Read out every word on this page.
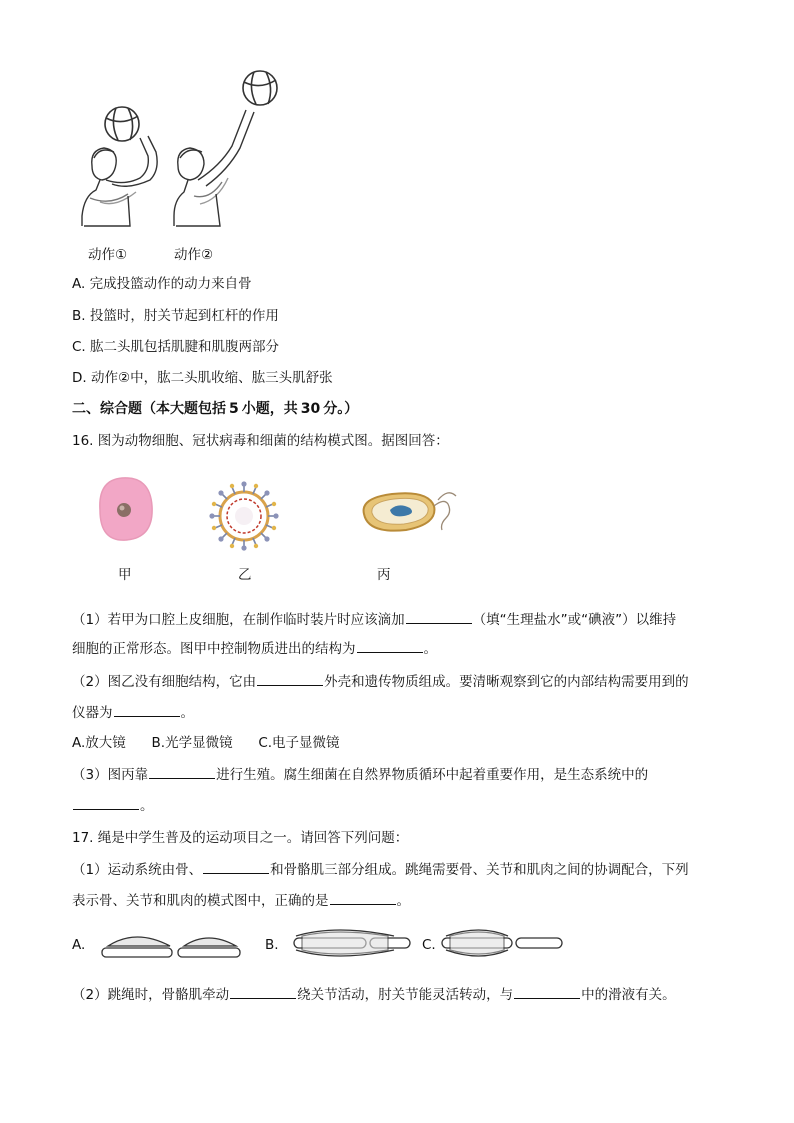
动作①	动作②
A. 完成投篮动作的动力来自骨
B. 投篮时，肘关节起到杠杆的作用
C. 肱二头肌包括肌腱和肌腹两部分
D. 动作②中，肱二头肌收缩、肱三头肌舒张
二、综合题（本大题包括 5 小题，共 30 分。）
16. 图为动物细胞、冠状病毒和细菌的结构模式图。据图回答：
甲	乙	丙
（1）若甲为口腔上皮细胞，在制作临时装片时应该滴加	（填“生理盐水”或“碘液”）以维持
细胞的正常形态。图甲中控制物质进出的结构为	。
（2）图乙没有细胞结构，它由	外壳和遗传物质组成。要清晰观察到它的内部结构需要用到的
仪器为	。
A.放大镜      B.光学显微镜      C.电子显微镜
（3）图丙靠	进行生殖。腐生细菌在自然界物质循环中起着重要作用，是生态系统中的
。
17. 绳是中学生普及的运动项目之一。请回答下列问题：
（1）运动系统由骨、	和骨骼肌三部分组成。跳绳需要骨、关节和肌肉之间的协调配合，下列
表示骨、关节和肌肉的模式图中，正确的是	。
A.	B.	C.
（2）跳绳时，骨骼肌牵动	绕关节活动，肘关节能灵活转动，与	中的滑液有关。
